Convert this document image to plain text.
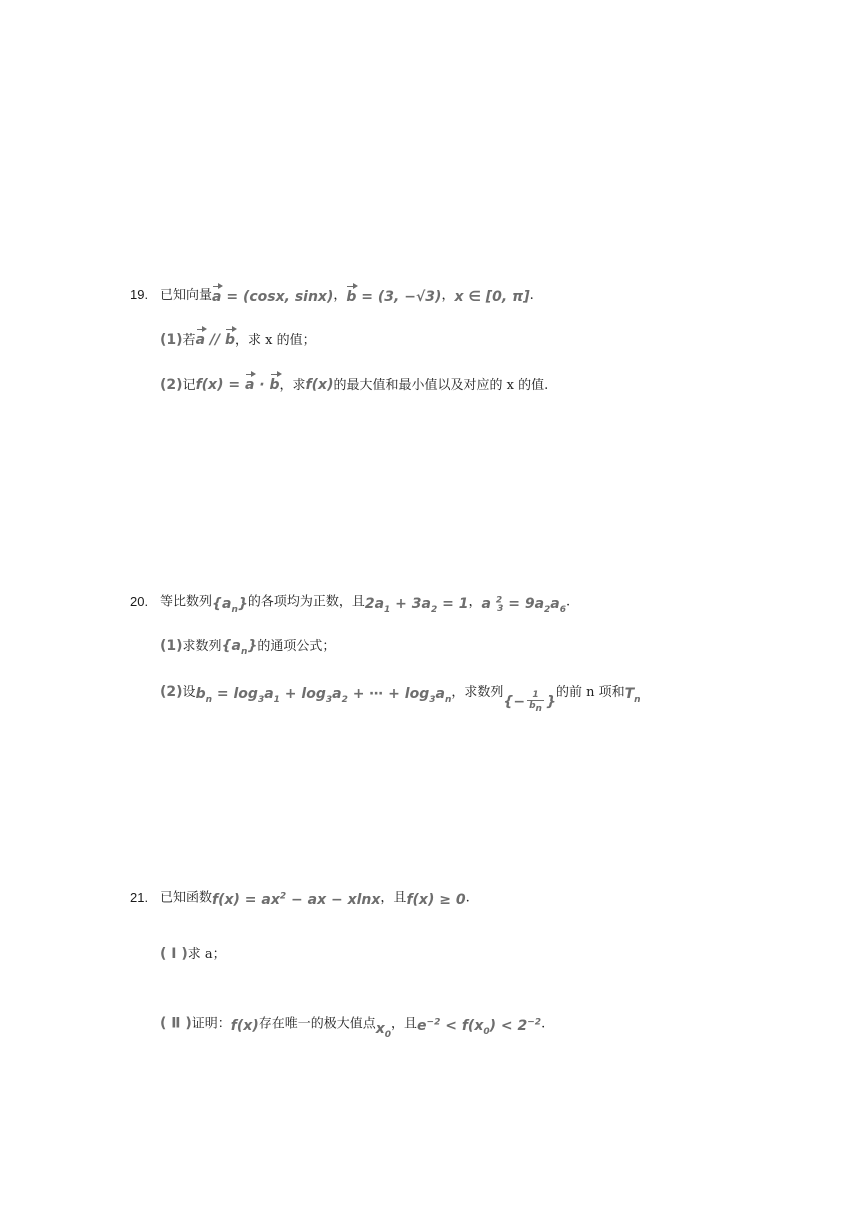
19. 已知向量a = (cosx, sinx)，b = (3, −√3)，x ∈ [0, π].
(1)若a // b，求 x 的值；
(2)记f(x) = a · b，求f(x)的最大值和最小值以及对应的 x 的值.
20. 等比数列$\{a_n\}$的各项均为正数，且$2a_1 + 3a_2 = 1$，a $^2_3 = 9a_2a_6$.
(1)求数列$\{a_n\}$的通项公式；
(2)设$b_n = \log_3a_1 + \log_3a_2$ + ⋯ + $\log_3a_n$，求数列{− $\frac{1}{b_n}$ }的前 n 项和$T_n$
21. 已知函数$f(x) = ax^2$ − ax − xlnx，且f(x) ≥ 0.
( Ⅰ )求 a；
( Ⅱ )证明：f(x)存在唯一的极大值点$x_0$，且$e^{-2} < f(x_0) < 2^{-2}$.
